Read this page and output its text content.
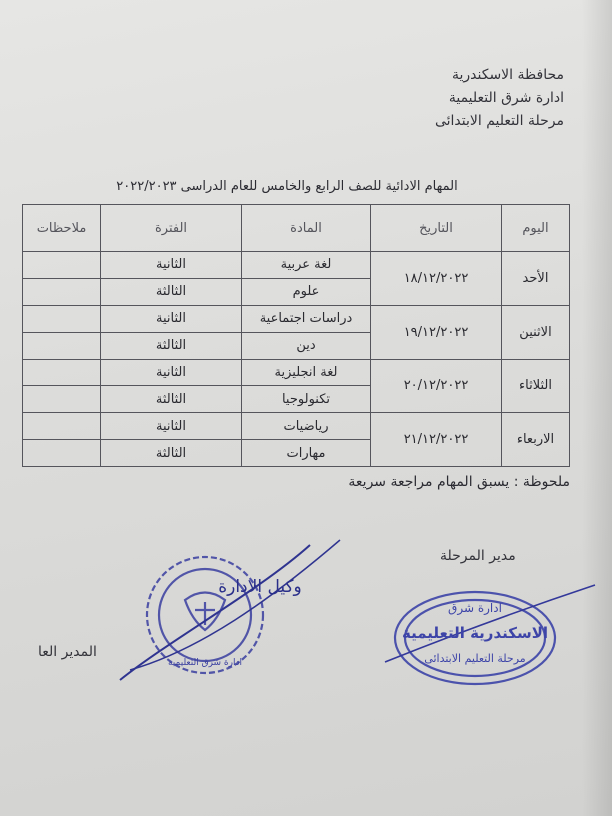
محافظة الاسكندرية
ادارة شرق التعليمية
مرحلة التعليم الابتدائى
المهام الادائية للصف الرابع والخامس للعام الدراسى ٢٠٢٢/٢٠٢٣
اليوم	التاريخ	المادة	الفترة	ملاحظات
الأحد	١٨/١٢/٢٠٢٢	لغة عربية	الثانية	
		علوم	الثالثة	
الاثنين	١٩/١٢/٢٠٢٢	دراسات اجتماعية	الثانية	
		دين	الثالثة	
الثلاثاء	٢٠/١٢/٢٠٢٢	لغة انجليزية	الثانية	
		تكنولوجيا	الثالثة	
الاربعاء	٢١/١٢/٢٠٢٢	رياضيات	الثانية	
		مهارات	الثالثة	
ملحوظة : يسبق المهام مراجعة سريعة
مدير المرحلة
المدير العا
وكيل الادارة
ادارة شرق التعليمية
ادارة شرق
الاسكندرية التعليمية
مرحلة التعليم الابتدائى
